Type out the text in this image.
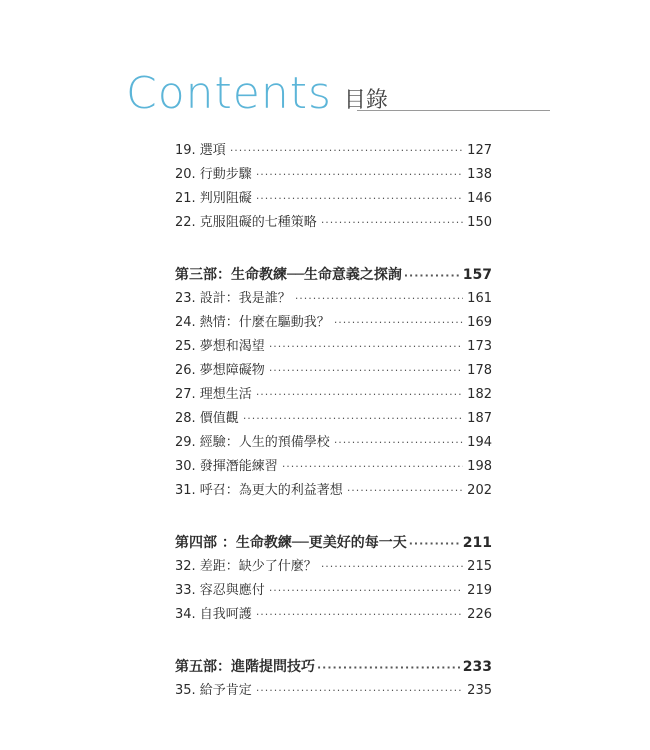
Contents 目錄
19. 選項 ·····	127
20. 行動步驟 ·····	138
21. 判別阻礙 ·····	146
22. 克服阻礙的七種策略 ·····	150
第三部：生命教練──生命意義之探詢 ·····	157
23. 設計：我是誰？ ·····	161
24. 熱情：什麼在驅動我？ ·····	169
25. 夢想和渴望 ·····	173
26. 夢想障礙物 ·····	178
27. 理想生活 ·····	182
28. 價值觀 ·····	187
29. 經驗：人生的預備學校 ·····	194
30. 發揮潛能練習 ·····	198
31. 呼召：為更大的利益著想 ·····	202
第四部 ：生命教練──更美好的每一天 ·····	211
32. 差距：缺少了什麼？ ·····	215
33. 容忍與應付 ·····	219
34. 自我呵護 ·····	226
第五部：進階提問技巧 ·····	233
35. 給予肯定 ·····	235
